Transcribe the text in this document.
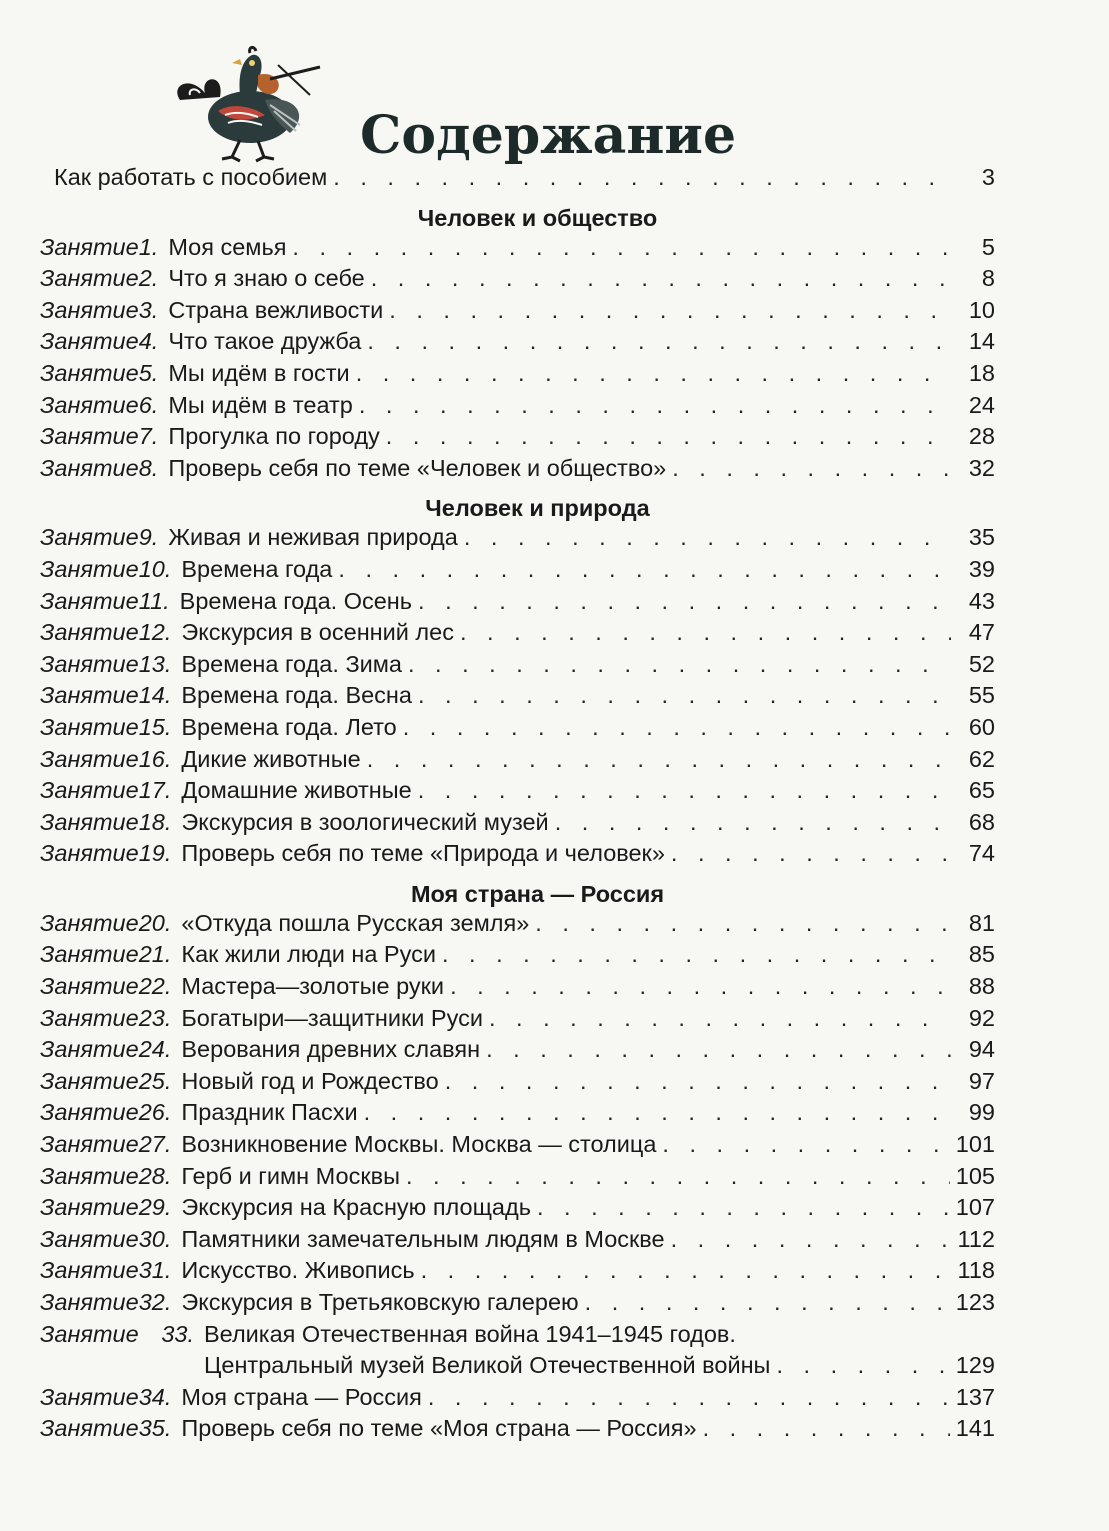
Содержание
Как работать с пособием . . .	3
Человек и общество
Занятие 1. Моя семья . . .	5
Занятие 2. Что я знаю о себе . . .	8
Занятие 3. Страна вежливости . . .	10
Занятие 4. Что такое дружба . . .	14
Занятие 5. Мы идём в гости . . .	18
Занятие 6. Мы идём в театр . . .	24
Занятие 7. Прогулка по городу . . .	28
Занятие 8. Проверь себя по теме «Человек и общество» . . .	32
Человек и природа
Занятие 9. Живая и неживая природа . . .	35
Занятие 10. Времена года . . .	39
Занятие 11. Времена года. Осень . . .	43
Занятие 12. Экскурсия в осенний лес . . .	47
Занятие 13. Времена года. Зима . . .	52
Занятие 14. Времена года. Весна . . .	55
Занятие 15. Времена года. Лето . . .	60
Занятие 16. Дикие животные . . .	62
Занятие 17. Домашние животные . . .	65
Занятие 18. Экскурсия в зоологический музей . . .	68
Занятие 19. Проверь себя по теме «Природа и человек» . . .	74
Моя страна — Россия
Занятие 20. «Откуда пошла Русская земля» . . .	81
Занятие 21. Как жили люди на Руси . . .	85
Занятие 22. Мастера—золотые руки . . .	88
Занятие 23. Богатыри—защитники Руси . . .	92
Занятие 24. Верования древних славян . . .	94
Занятие 25. Новый год и Рождество . . .	97
Занятие 26. Праздник Пасхи . . .	99
Занятие 27. Возникновение Москвы. Москва — столица . . .	101
Занятие 28. Герб и гимн Москвы . . .	105
Занятие 29. Экскурсия на Красную площадь . . .	107
Занятие 30. Памятники замечательным людям в Москве . . .	112
Занятие 31. Искусство. Живопись . . .	118
Занятие 32. Экскурсия в Третьяковскую галерею . . .	123
Занятие 33. Великая Отечественная война 1941–1945 годов.
Центральный музей Великой Отечественной войны . . .	129
Занятие 34. Моя страна — Россия . . .	137
Занятие 35. Проверь себя по теме «Моя страна — Россия» . . .	141
